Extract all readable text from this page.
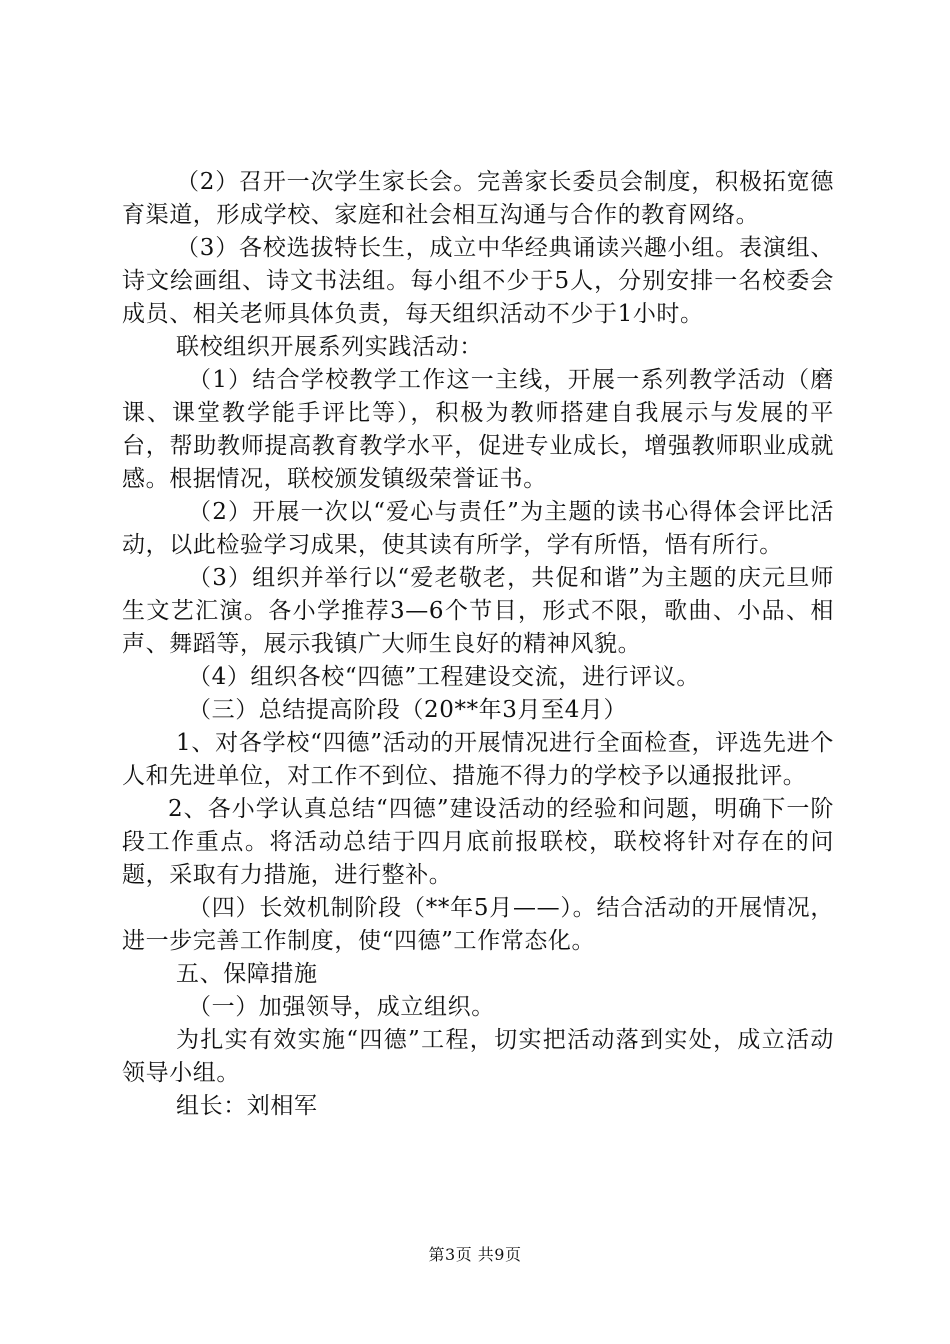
（2）召开一次学生家长会。完善家长委员会制度，积极拓宽德育渠道，形成学校、家庭和社会相互沟通与合作的教育网络。

（3）各校选拔特长生，成立中华经典诵读兴趣小组。表演组、诗文绘画组、诗文书法组。每小组不少于5人，分别安排一名校委会成员、相关老师具体负责，每天组织活动不少于1小时。

联校组织开展系列实践活动：

（1）结合学校教学工作这一主线，开展一系列教学活动（磨课、课堂教学能手评比等），积极为教师搭建自我展示与发展的平台，帮助教师提高教育教学水平，促进专业成长，增强教师职业成就感。根据情况，联校颁发镇级荣誉证书。

（2）开展一次以“爱心与责任”为主题的读书心得体会评比活动，以此检验学习成果，使其读有所学，学有所悟，悟有所行。

（3）组织并举行以“爱老敬老，共促和谐”为主题的庆元旦师生文艺汇演。各小学推荐3—6个节目，形式不限，歌曲、小品、相声、舞蹈等，展示我镇广大师生良好的精神风貌。

（4）组织各校“四德”工程建设交流，进行评议。

（三）总结提高阶段（20**年3月至4月）

1、对各学校“四德”活动的开展情况进行全面检查，评选先进个人和先进单位，对工作不到位、措施不得力的学校予以通报批评。

2、各小学认真总结“四德”建设活动的经验和问题，明确下一阶段工作重点。将活动总结于四月底前报联校，联校将针对存在的问题，采取有力措施，进行整补。

（四）长效机制阶段（**年5月——）。结合活动的开展情况，进一步完善工作制度，使“四德”工作常态化。

五、保障措施

（一）加强领导，成立组织。

为扎实有效实施“四德”工程，切实把活动落到实处，成立活动领导小组。

组长：刘相军

第3页 共9页
